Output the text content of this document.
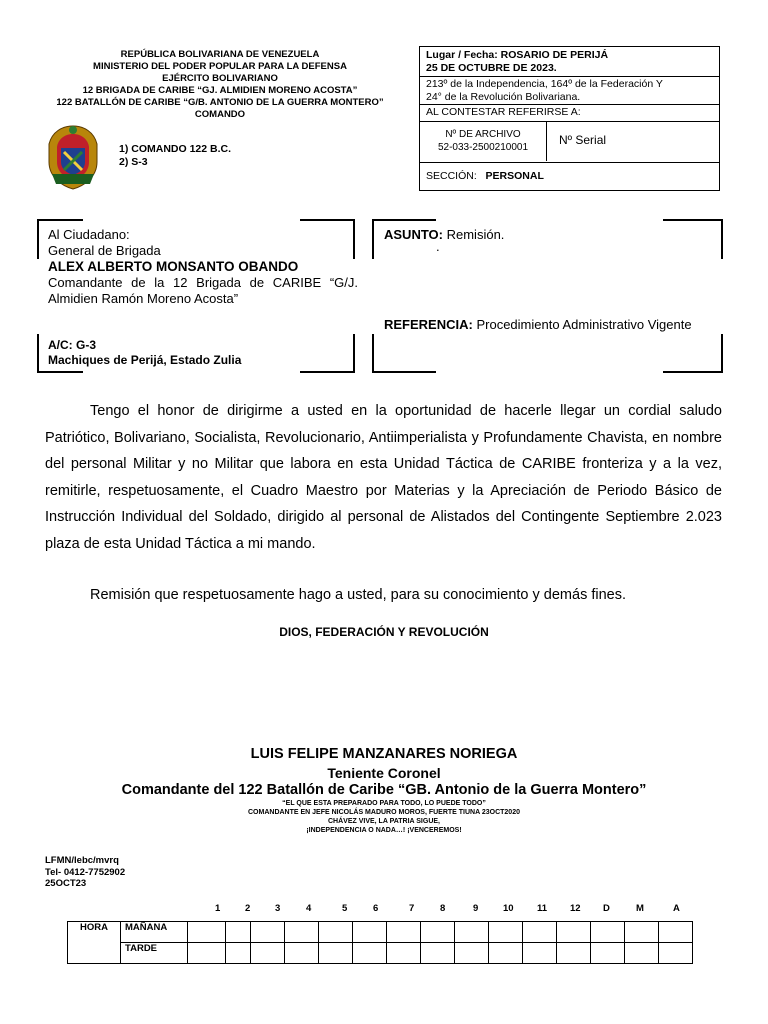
REPÚBLICA BOLIVARIANA DE VENEZUELA
MINISTERIO DEL PODER POPULAR PARA LA DEFENSA
EJÉRCITO BOLIVARIANO
12 BRIGADA DE CARIBE “GJ. ALMIDIEN MORENO ACOSTA”
122 BATALLÓN DE CARIBE “G/B. ANTONIO DE LA GUERRA MONTERO”
COMANDO
1) COMANDO 122 B.C.
2) S-3
Lugar / Fecha: ROSARIO DE PERIJÁ
25 DE OCTUBRE DE 2023.
213º de la Independencia, 164º de la Federación Y
24° de la Revolución Bolivariana.
AL CONTESTAR REFERIRSE A:
Nº DE ARCHIVO
52-033-2500210001
Nº Serial
SECCIÓN: PERSONAL
Al Ciudadano:
General de Brigada
ALEX ALBERTO MONSANTO OBANDO
Comandante de la 12 Brigada de CARIBE “G/J. Almidien Ramón Moreno Acosta”
ASUNTO: Remisión.
.
REFERENCIA: Procedimiento Administrativo Vigente
A/C: G-3
Machiques de Perijá, Estado Zulia
Tengo el honor de dirigirme a usted en la oportunidad de hacerle llegar un cordial saludo Patriótico, Bolivariano, Socialista, Revolucionario, Antiimperialista y Profundamente Chavista, en nombre del personal Militar y no Militar que labora en esta Unidad Táctica de CARIBE fronteriza y a la vez, remitirle, respetuosamente, el Cuadro Maestro por Materias y la Apreciación de Periodo Básico de Instrucción Individual del Soldado, dirigido al personal de Alistados del Contingente Septiembre 2.023 plaza de esta Unidad Táctica a mi mando.
Remisión que respetuosamente hago a usted, para su conocimiento y demás fines.
DIOS, FEDERACIÓN Y REVOLUCIÓN
LUIS FELIPE MANZANARES NORIEGA
Teniente Coronel
Comandante del 122 Batallón de Caribe “GB. Antonio de la Guerra Montero”
“EL QUE ESTA PREPARADO PARA TODO, LO PUEDE TODO”
COMANDANTE EN JEFE NICOLÁS MADURO MOROS, FUERTE TIUNA 23OCT2020
CHÁVEZ VIVE, LA PATRIA SIGUE,
¡INDEPENDENCIA O NADA…! ¡VENCEREMOS!
LFMN/lebc/mvrq
Tel- 0412-7752902
25OCT23
1	2	3	4	5	6	7	8	9	10 11 12 D	M	A
HORA	MAÑANA															
	TARDE															
